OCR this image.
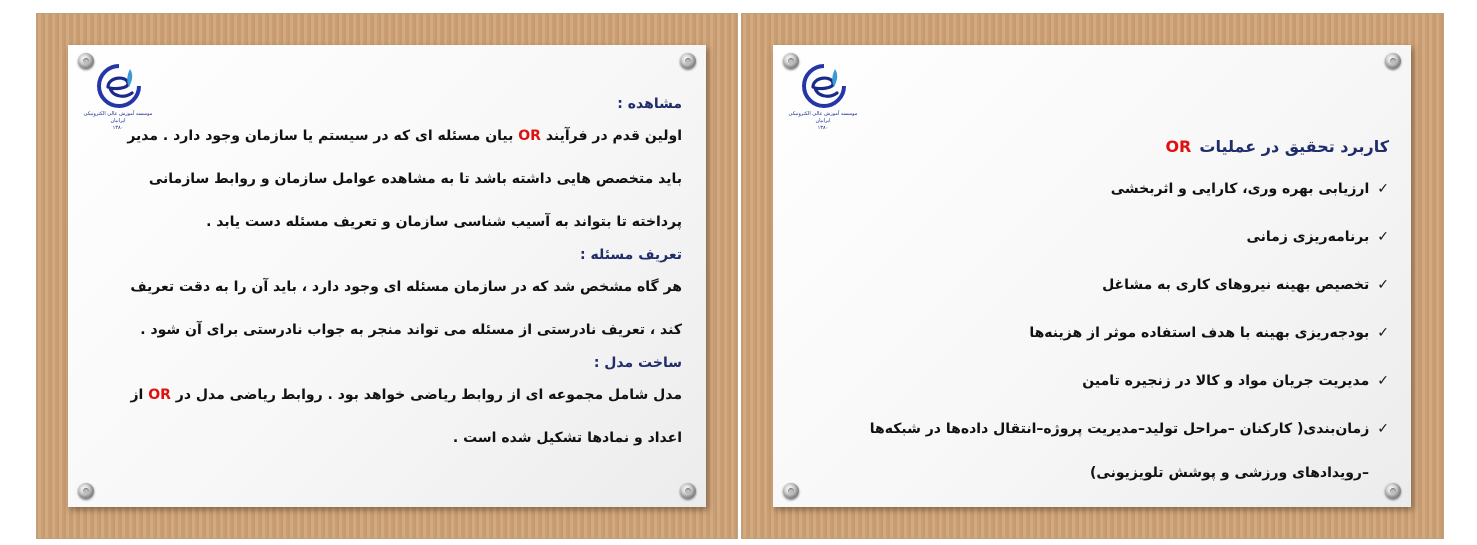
موسسه آموزش عالی الکترونیکی ایرانیان
۱۳۸۰
مشاهده :

اولین قدم در فرآیند OR بیان مسئله ای که در سیستم یا سازمان وجود دارد . مدیر

باید متخصص هایی داشته باشد تا به مشاهده عوامل سازمان و روابط سازمانی

پرداخته تا بتواند به آسیب شناسی سازمان و تعریف مسئله دست یابد .

تعریف مسئله :

هر گاه مشخص شد که در سازمان مسئله ای وجود دارد ، باید آن را به دقت تعریف

کند ، تعریف نادرستی از مسئله می تواند منجر به جواب نادرستی برای آن شود .

ساخت مدل :

مدل شامل مجموعه ای از روابط ریاضی خواهد بود . روابط ریاضی مدل در OR از

اعداد و نمادها تشکیل شده است .

موسسه آموزش عالی الکترونیکی ایرانیان
۱۳۸۰
کاربرد تحقیق در عملیاتOR
✓ارزیابی بهره وری، کارایی و اثربخشی
✓برنامه‌ریزی زمانی
✓تخصیص بهینه نیروهای کاری به مشاغل
✓بودجه‌ریزی بهینه با هدف استفاده موثر از هزینه‌ها
✓مدیریت جریان مواد و کالا در زنجیره تامین
✓زمان‌بندی( کارکنان –مراحل تولید–مدیریت پروژه–انتقال داده‌ها در شبکه‌ها
–رویدادهای ورزشی و پوشش تلویزیونی)
